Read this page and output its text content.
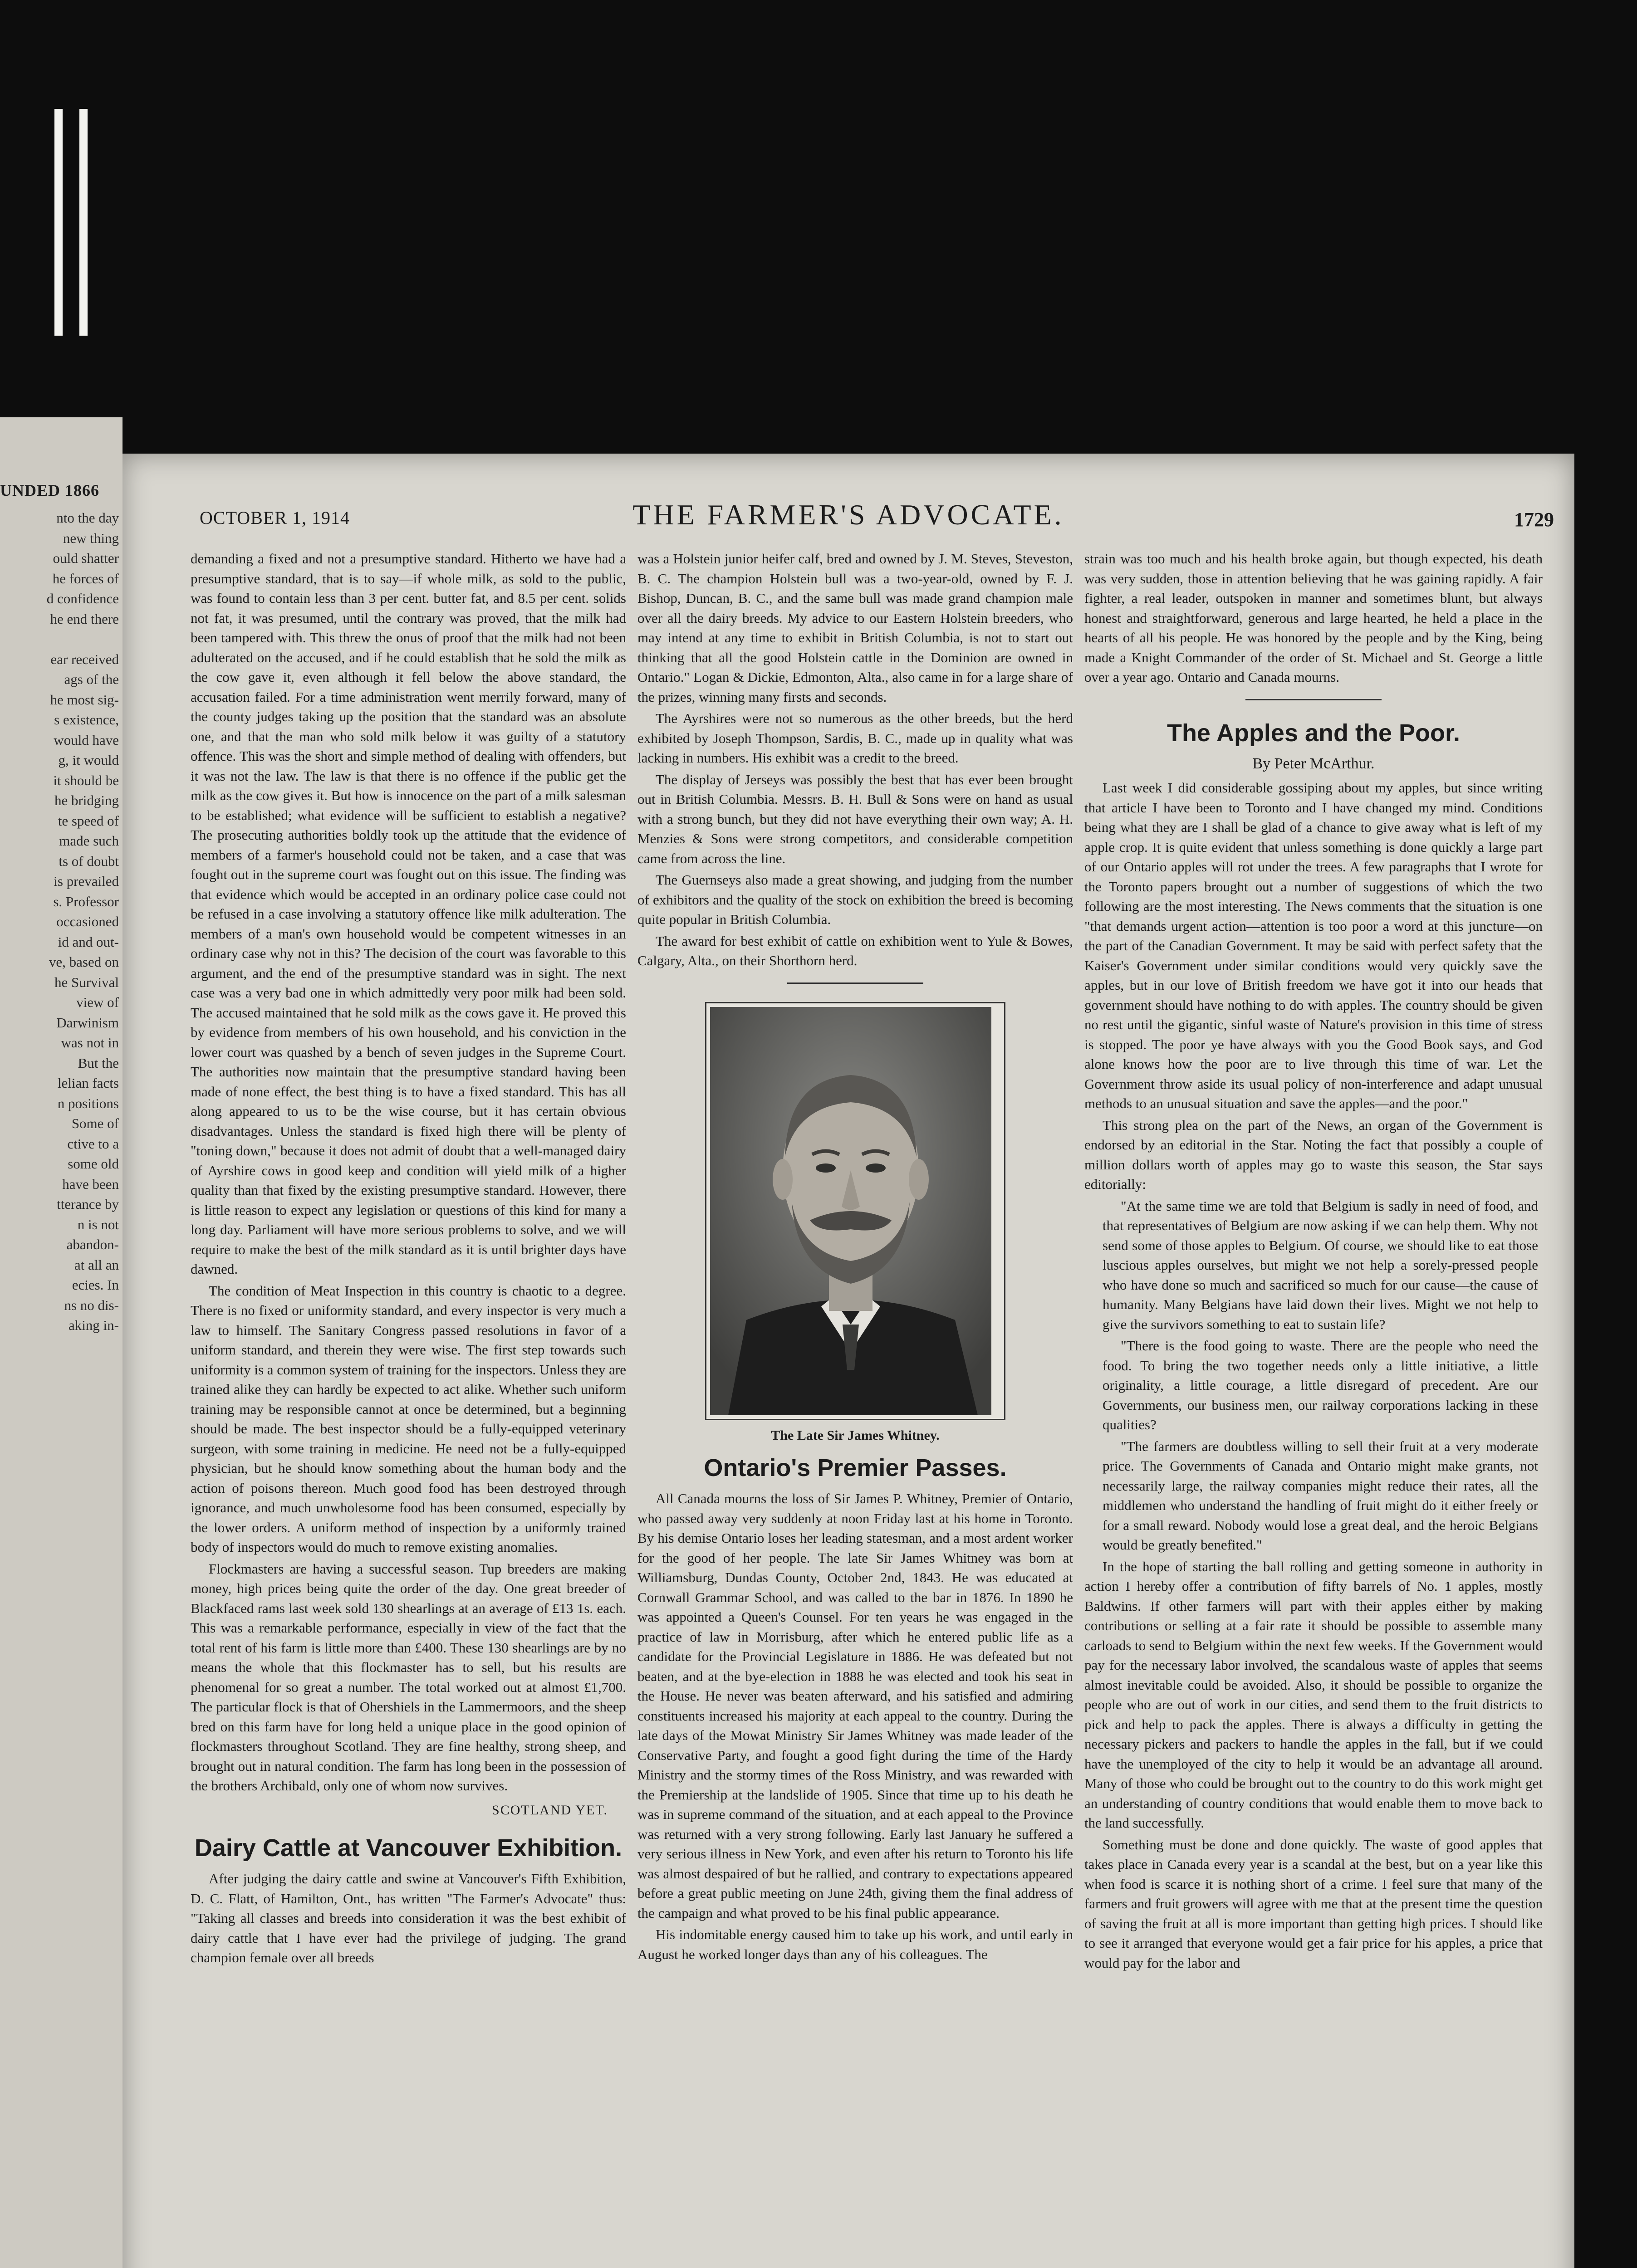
UNDED 1866
nto the day
new thing
ould shatter
he forces of
d confidence
he end there

ear received
ags of the
he most sig-
s existence,
would have
g, it would
it should be
he bridging
te speed of
made such
ts of doubt
is prevailed
s. Professor
occasioned
id and out-
ve, based on
he Survival
view of
Darwinism
was not in
But the
lelian facts
n positions
Some of
ctive to a
some old
have been
tterance by
n is not
abandon-
at all an
ecies. In
ns no dis-
aking in-
OCTOBER 1, 1914	THE FARMER'S ADVOCATE.	1729

demanding a fixed and not a presumptive standard. Hitherto we have had a presumptive standard, that is to say—if whole milk, as sold to the public, was found to contain less than 3 per cent. butter fat, and 8.5 per cent. solids not fat, it was presumed, until the contrary was proved, that the milk had been tampered with. This threw the onus of proof that the milk had not been adulterated on the accused, and if he could establish that he sold the milk as the cow gave it, even although it fell below the above standard, the accusation failed. For a time administration went merrily forward, many of the county judges taking up the position that the standard was an absolute one, and that the man who sold milk below it was guilty of a statutory offence. This was the short and simple method of dealing with offenders, but it was not the law. The law is that there is no offence if the public get the milk as the cow gives it. But how is innocence on the part of a milk salesman to be established; what evidence will be sufficient to establish a negative? The prosecuting authorities boldly took up the attitude that the evidence of members of a farmer's household could not be taken, and a case that was fought out in the supreme court was fought out on this issue. The finding was that evidence which would be accepted in an ordinary police case could not be refused in a case involving a statutory offence like milk adulteration. The members of a man's own household would be competent witnesses in an ordinary case why not in this? The decision of the court was favorable to this argument, and the end of the presumptive standard was in sight. The next case was a very bad one in which admittedly very poor milk had been sold. The accused maintained that he sold milk as the cows gave it. He proved this by evidence from members of his own household, and his conviction in the lower court was quashed by a bench of seven judges in the Supreme Court. The authorities now maintain that the presumptive standard having been made of none effect, the best thing is to have a fixed standard. This has all along appeared to us to be the wise course, but it has certain obvious disadvantages. Unless the standard is fixed high there will be plenty of "toning down," because it does not admit of doubt that a well-managed dairy of Ayrshire cows in good keep and condition will yield milk of a higher quality than that fixed by the existing presumptive standard. However, there is little reason to expect any legislation or questions of this kind for many a long day. Parliament will have more serious problems to solve, and we will require to make the best of the milk standard as it is until brighter days have dawned.

The condition of Meat Inspection in this country is chaotic to a degree. There is no fixed or uniformity standard, and every inspector is very much a law to himself. The Sanitary Congress passed resolutions in favor of a uniform standard, and therein they were wise. The first step towards such uniformity is a common system of training for the inspectors. Unless they are trained alike they can hardly be expected to act alike. Whether such uniform training may be responsible cannot at once be determined, but a beginning should be made. The best inspector should be a fully-equipped veterinary surgeon, with some training in medicine. He need not be a fully-equipped physician, but he should know something about the human body and the action of poisons thereon. Much good food has been destroyed through ignorance, and much unwholesome food has been consumed, especially by the lower orders. A uniform method of inspection by a uniformly trained body of inspectors would do much to remove existing anomalies.

Flockmasters are having a successful season. Tup breeders are making money, high prices being quite the order of the day. One great breeder of Blackfaced rams last week sold 130 shearlings at an average of £13 1s. each. This was a remarkable performance, especially in view of the fact that the total rent of his farm is little more than £400. These 130 shearlings are by no means the whole that this flockmaster has to sell, but his results are phenomenal for so great a number. The total worked out at almost £1,700. The particular flock is that of Ohershiels in the Lammermoors, and the sheep bred on this farm have for long held a unique place in the good opinion of flockmasters throughout Scotland. They are fine healthy, strong sheep, and brought out in natural condition. The farm has long been in the possession of the brothers Archibald, only one of whom now survives.

SCOTLAND YET.
Dairy Cattle at Vancouver Exhibition.

After judging the dairy cattle and swine at Vancouver's Fifth Exhibition, D. C. Flatt, of Hamilton, Ont., has written "The Farmer's Advocate" thus: "Taking all classes and breeds into consideration it was the best exhibit of dairy cattle that I have ever had the privilege of judging. The grand champion female over all breeds

was a Holstein junior heifer calf, bred and owned by J. M. Steves, Steveston, B. C. The champion Holstein bull was a two-year-old, owned by F. J. Bishop, Duncan, B. C., and the same bull was made grand champion male over all the dairy breeds. My advice to our Eastern Holstein breeders, who may intend at any time to exhibit in British Columbia, is not to start out thinking that all the good Holstein cattle in the Dominion are owned in Ontario." Logan & Dickie, Edmonton, Alta., also came in for a large share of the prizes, winning many firsts and seconds.

The Ayrshires were not so numerous as the other breeds, but the herd exhibited by Joseph Thompson, Sardis, B. C., made up in quality what was lacking in numbers. His exhibit was a credit to the breed.

The display of Jerseys was possibly the best that has ever been brought out in British Columbia. Messrs. B. H. Bull & Sons were on hand as usual with a strong bunch, but they did not have everything their own way; A. H. Menzies & Sons were strong competitors, and considerable competition came from across the line.

The Guernseys also made a great showing, and judging from the number of exhibitors and the quality of the stock on exhibition the breed is becoming quite popular in British Columbia.

The award for best exhibit of cattle on exhibition went to Yule & Bowes, Calgary, Alta., on their Shorthorn herd.

The Late Sir James Whitney.
Ontario's Premier Passes.

All Canada mourns the loss of Sir James P. Whitney, Premier of Ontario, who passed away very suddenly at noon Friday last at his home in Toronto. By his demise Ontario loses her leading statesman, and a most ardent worker for the good of her people. The late Sir James Whitney was born at Williamsburg, Dundas County, October 2nd, 1843. He was educated at Cornwall Grammar School, and was called to the bar in 1876. In 1890 he was appointed a Queen's Counsel. For ten years he was engaged in the practice of law in Morrisburg, after which he entered public life as a candidate for the Provincial Legislature in 1886. He was defeated but not beaten, and at the bye-election in 1888 he was elected and took his seat in the House. He never was beaten afterward, and his satisfied and admiring constituents increased his majority at each appeal to the country. During the late days of the Mowat Ministry Sir James Whitney was made leader of the Conservative Party, and fought a good fight during the time of the Hardy Ministry and the stormy times of the Ross Ministry, and was rewarded with the Premiership at the landslide of 1905. Since that time up to his death he was in supreme command of the situation, and at each appeal to the Province was returned with a very strong following. Early last January he suffered a very serious illness in New York, and even after his return to Toronto his life was almost despaired of but he rallied, and contrary to expectations appeared before a great public meeting on June 24th, giving them the final address of the campaign and what proved to be his final public appearance.

His indomitable energy caused him to take up his work, and until early in August he worked longer days than any of his colleagues. The

strain was too much and his health broke again, but though expected, his death was very sudden, those in attention believing that he was gaining rapidly. A fair fighter, a real leader, outspoken in manner and sometimes blunt, but always honest and straightforward, generous and large hearted, he held a place in the hearts of all his people. He was honored by the people and by the King, being made a Knight Commander of the order of St. Michael and St. George a little over a year ago. Ontario and Canada mourns.

The Apples and the Poor.
By Peter McArthur.

Last week I did considerable gossiping about my apples, but since writing that article I have been to Toronto and I have changed my mind. Conditions being what they are I shall be glad of a chance to give away what is left of my apple crop. It is quite evident that unless something is done quickly a large part of our Ontario apples will rot under the trees. A few paragraphs that I wrote for the Toronto papers brought out a number of suggestions of which the two following are the most interesting. The News comments that the situation is one "that demands urgent action—attention is too poor a word at this juncture—on the part of the Canadian Government. It may be said with perfect safety that the Kaiser's Government under similar conditions would very quickly save the apples, but in our love of British freedom we have got it into our heads that government should have nothing to do with apples. The country should be given no rest until the gigantic, sinful waste of Nature's provision in this time of stress is stopped. The poor ye have always with you the Good Book says, and God alone knows how the poor are to live through this time of war. Let the Government throw aside its usual policy of non-interference and adapt unusual methods to an unusual situation and save the apples—and the poor."

This strong plea on the part of the News, an organ of the Government is endorsed by an editorial in the Star. Noting the fact that possibly a couple of million dollars worth of apples may go to waste this season, the Star says editorially:

"At the same time we are told that Belgium is sadly in need of food, and that representatives of Belgium are now asking if we can help them. Why not send some of those apples to Belgium. Of course, we should like to eat those luscious apples ourselves, but might we not help a sorely-pressed people who have done so much and sacrificed so much for our cause—the cause of humanity. Many Belgians have laid down their lives. Might we not help to give the survivors something to eat to sustain life?

"There is the food going to waste. There are the people who need the food. To bring the two together needs only a little initiative, a little originality, a little courage, a little disregard of precedent. Are our Governments, our business men, our railway corporations lacking in these qualities?

"The farmers are doubtless willing to sell their fruit at a very moderate price. The Governments of Canada and Ontario might make grants, not necessarily large, the railway companies might reduce their rates, all the middlemen who understand the handling of fruit might do it either freely or for a small reward. Nobody would lose a great deal, and the heroic Belgians would be greatly benefited."

In the hope of starting the ball rolling and getting someone in authority in action I hereby offer a contribution of fifty barrels of No. 1 apples, mostly Baldwins. If other farmers will part with their apples either by making contributions or selling at a fair rate it should be possible to assemble many carloads to send to Belgium within the next few weeks. If the Government would pay for the necessary labor involved, the scandalous waste of apples that seems almost inevitable could be avoided. Also, it should be possible to organize the people who are out of work in our cities, and send them to the fruit districts to pick and help to pack the apples. There is always a difficulty in getting the necessary pickers and packers to handle the apples in the fall, but if we could have the unemployed of the city to help it would be an advantage all around. Many of those who could be brought out to the country to do this work might get an understanding of country conditions that would enable them to move back to the land successfully.

Something must be done and done quickly. The waste of good apples that takes place in Canada every year is a scandal at the best, but on a year like this when food is scarce it is nothing short of a crime. I feel sure that many of the farmers and fruit growers will agree with me that at the present time the question of saving the fruit at all is more important than getting high prices. I should like to see it arranged that everyone would get a fair price for his apples, a price that would pay for the labor and
